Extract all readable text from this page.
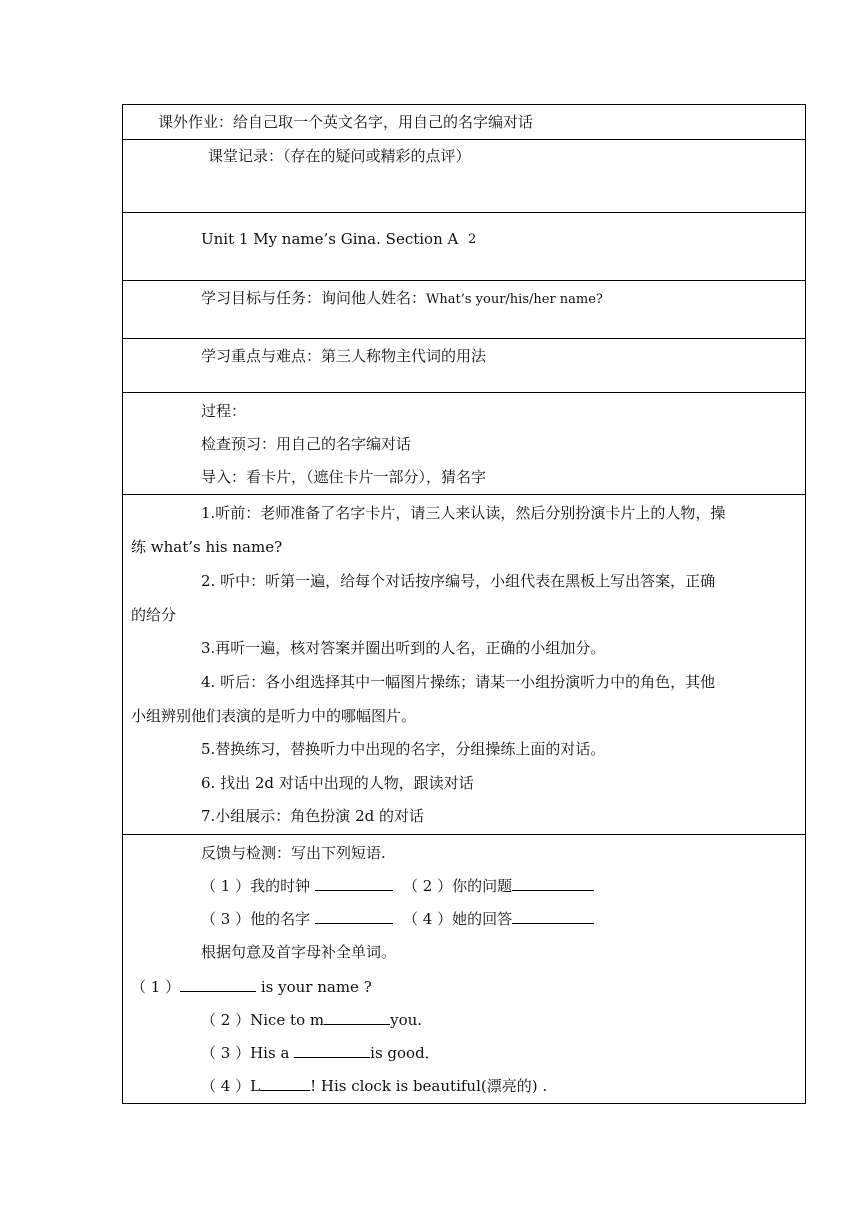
课外作业：给自己取一个英文名字，用自己的名字编对话
课堂记录：（存在的疑问或精彩的点评）
Unit 1 My name’s Gina. Section A 2
学习目标与任务：询问他人姓名：What’s your/his/her name?
学习重点与难点：第三人称物主代词的用法
过程：
检查预习：用自己的名字编对话
导入：看卡片，（遮住卡片一部分），猜名字
1.听前：老师准备了名字卡片，请三人来认读，然后分别扮演卡片上的人物，操
练 what’s his name?
2. 听中：听第一遍，给每个对话按序编号，小组代表在黑板上写出答案，正确
的给分
3.再听一遍，核对答案并圈出听到的人名，正确的小组加分。
4. 听后：各小组选择其中一幅图片操练；请某一小组扮演听力中的角色，其他
小组辨别他们表演的是听力中的哪幅图片。
5.替换练习，替换听力中出现的名字，分组操练上面的对话。
6. 找出 2d 对话中出现的人物，跟读对话
7.小组展示：角色扮演 2d 的对话
反馈与检测：写出下列短语.
（ 1 ）我的时钟	（ 2 ）你的问题
（ 3 ）他的名字	（ 4 ）她的回答
根据句意及首字母补全单词。
（ 1 ）	is your name ?
（ 2 ）Nice to m	you.
（ 3 ）His a	is good．
（ 4 ）L	! His clock is beautiful(漂亮的) .
